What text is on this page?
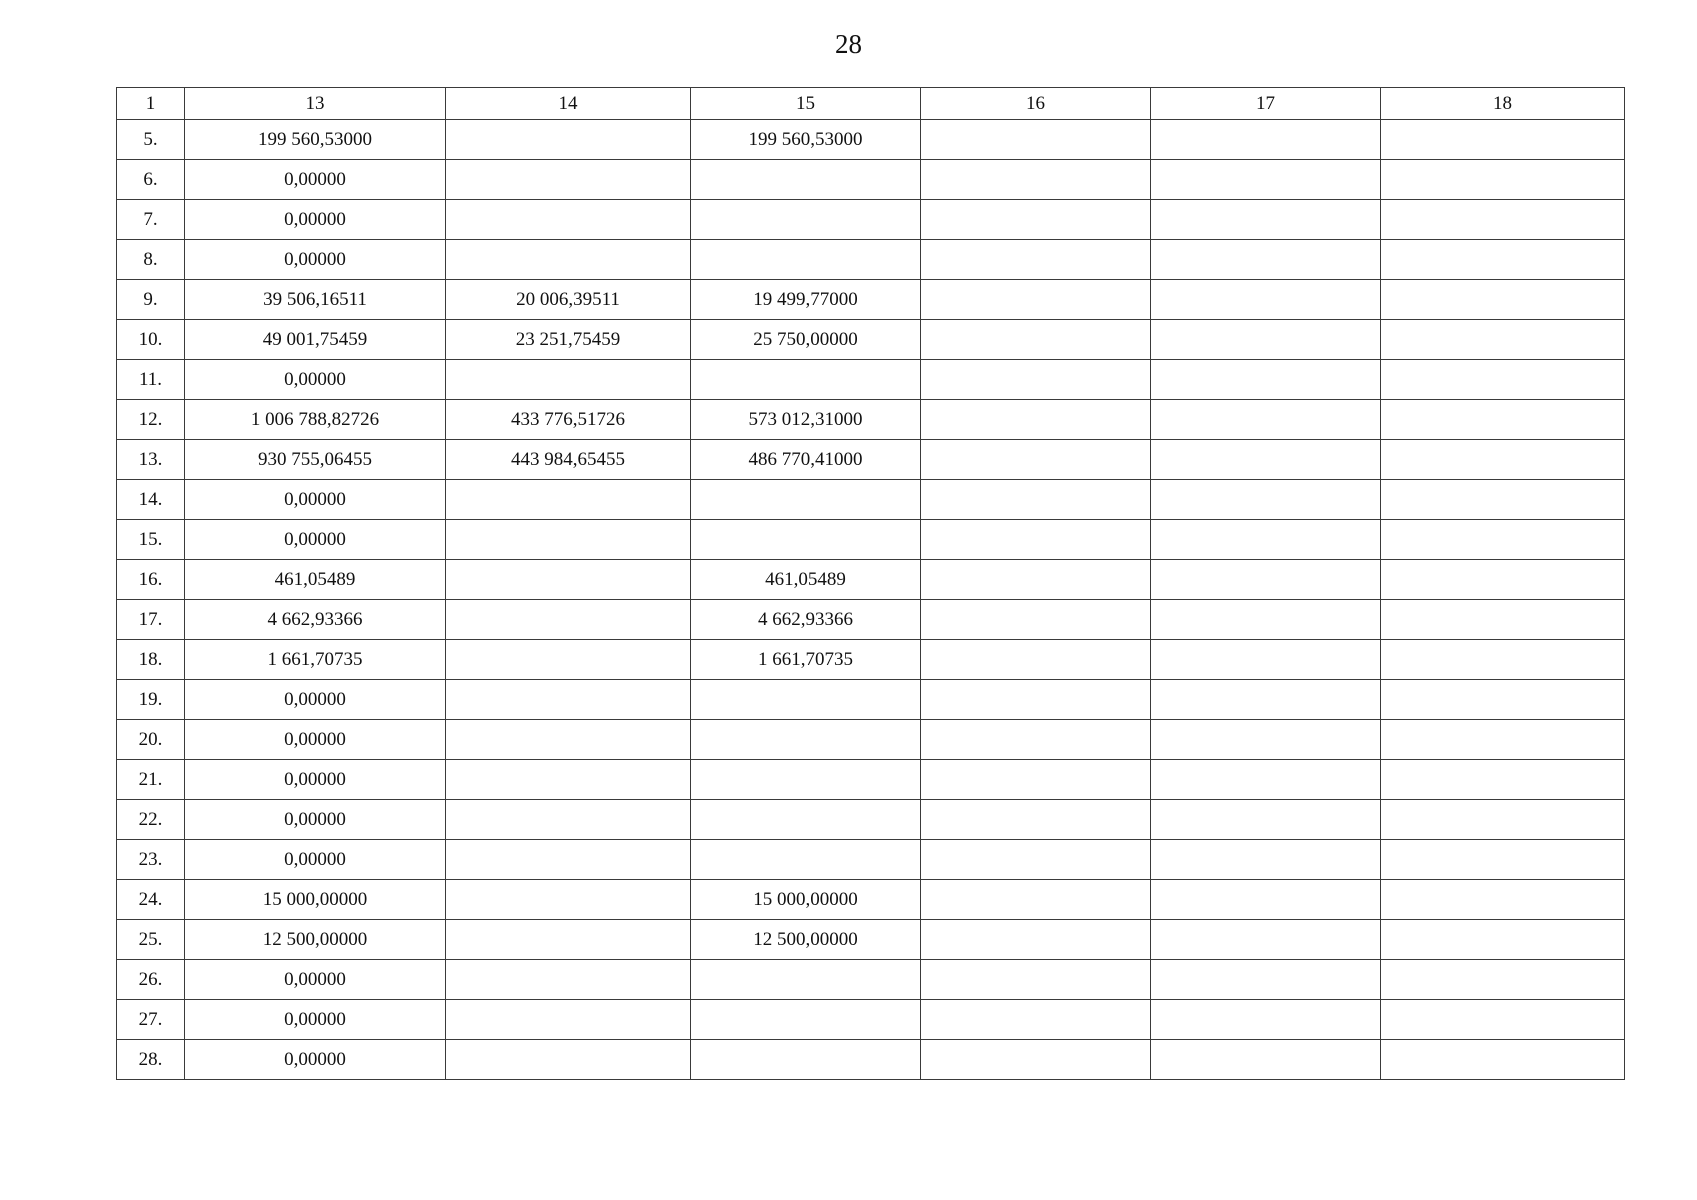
28
1	13	14	15	16	17	18
5.	199 560,53000		199 560,53000			
6.	0,00000					
7.	0,00000					
8.	0,00000					
9.	39 506,16511	20 006,39511	19 499,77000			
10.	49 001,75459	23 251,75459	25 750,00000			
11.	0,00000					
12.	1 006 788,82726	433 776,51726	573 012,31000			
13.	930 755,06455	443 984,65455	486 770,41000			
14.	0,00000					
15.	0,00000					
16.	461,05489		461,05489			
17.	4 662,93366		4 662,93366			
18.	1 661,70735		1 661,70735			
19.	0,00000					
20.	0,00000					
21.	0,00000					
22.	0,00000					
23.	0,00000					
24.	15 000,00000		15 000,00000			
25.	12 500,00000		12 500,00000			
26.	0,00000					
27.	0,00000					
28.	0,00000					
